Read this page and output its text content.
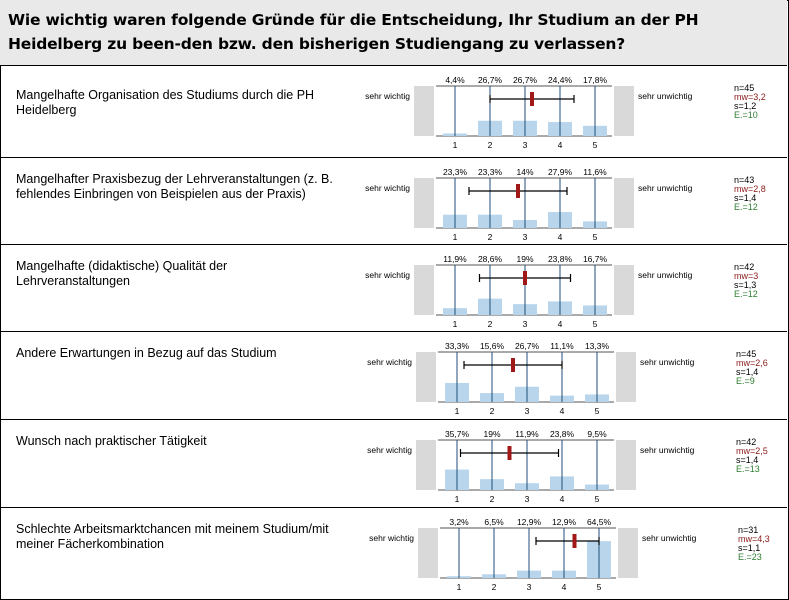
Wie wichtig waren folgende Gründe für die Entscheidung, Ihr Studium an der PH Heidelberg zu been-den bzw. den bisherigen Studiengang zu verlassen?
Mangelhafte Organisation des Studiums durch die PH Heidelberg
sehr wichtig	sehr unwichtig
4,4% 26,7% 26,7% 24,4% 17,8%
1	2	3	4	5
n=45
mw=3,2
s=1,2
E.=10
Mangelhafter Praxisbezug der Lehrveranstaltungen (z. B. fehlendes Einbringen von Beispielen aus der Praxis)	sehr wichtig	sehr unwichtig
23,3% 23,3% 14% 27,9% 11,6%
1	2	3	4	5
n=43
mw=2,8
s=1,4
E.=12
Mangelhafte (didaktische) Qualität der Lehrveranstaltungen	sehr wichtig	sehr unwichtig
11,9% 28,6% 19% 23,8% 16,7%
1	2	3	4	5
n=42
mw=3
s=1,3
E.=12
Andere Erwartungen in Bezug auf das Studium
sehr wichtig	sehr unwichtig
33,3% 15,6% 26,7% 11,1% 13,3%
1	2	3	4	5
n=45
mw=2,6
s=1,4
E.=9
Wunsch nach praktischer Tätigkeit
sehr wichtig	sehr unwichtig
35,7% 19% 11,9% 23,8% 9,5%
1	2	3	4	5
n=42
mw=2,5
s=1,4
E.=13
Schlechte Arbeitsmarktchancen mit meinem Studium/mit meiner Fächerkombination	sehr wichtig	sehr unwichtig
3,2% 6,5% 12,9% 12,9% 64,5%
1	2	3	4	5
n=31
mw=4,3
s=1,1
E.=23
